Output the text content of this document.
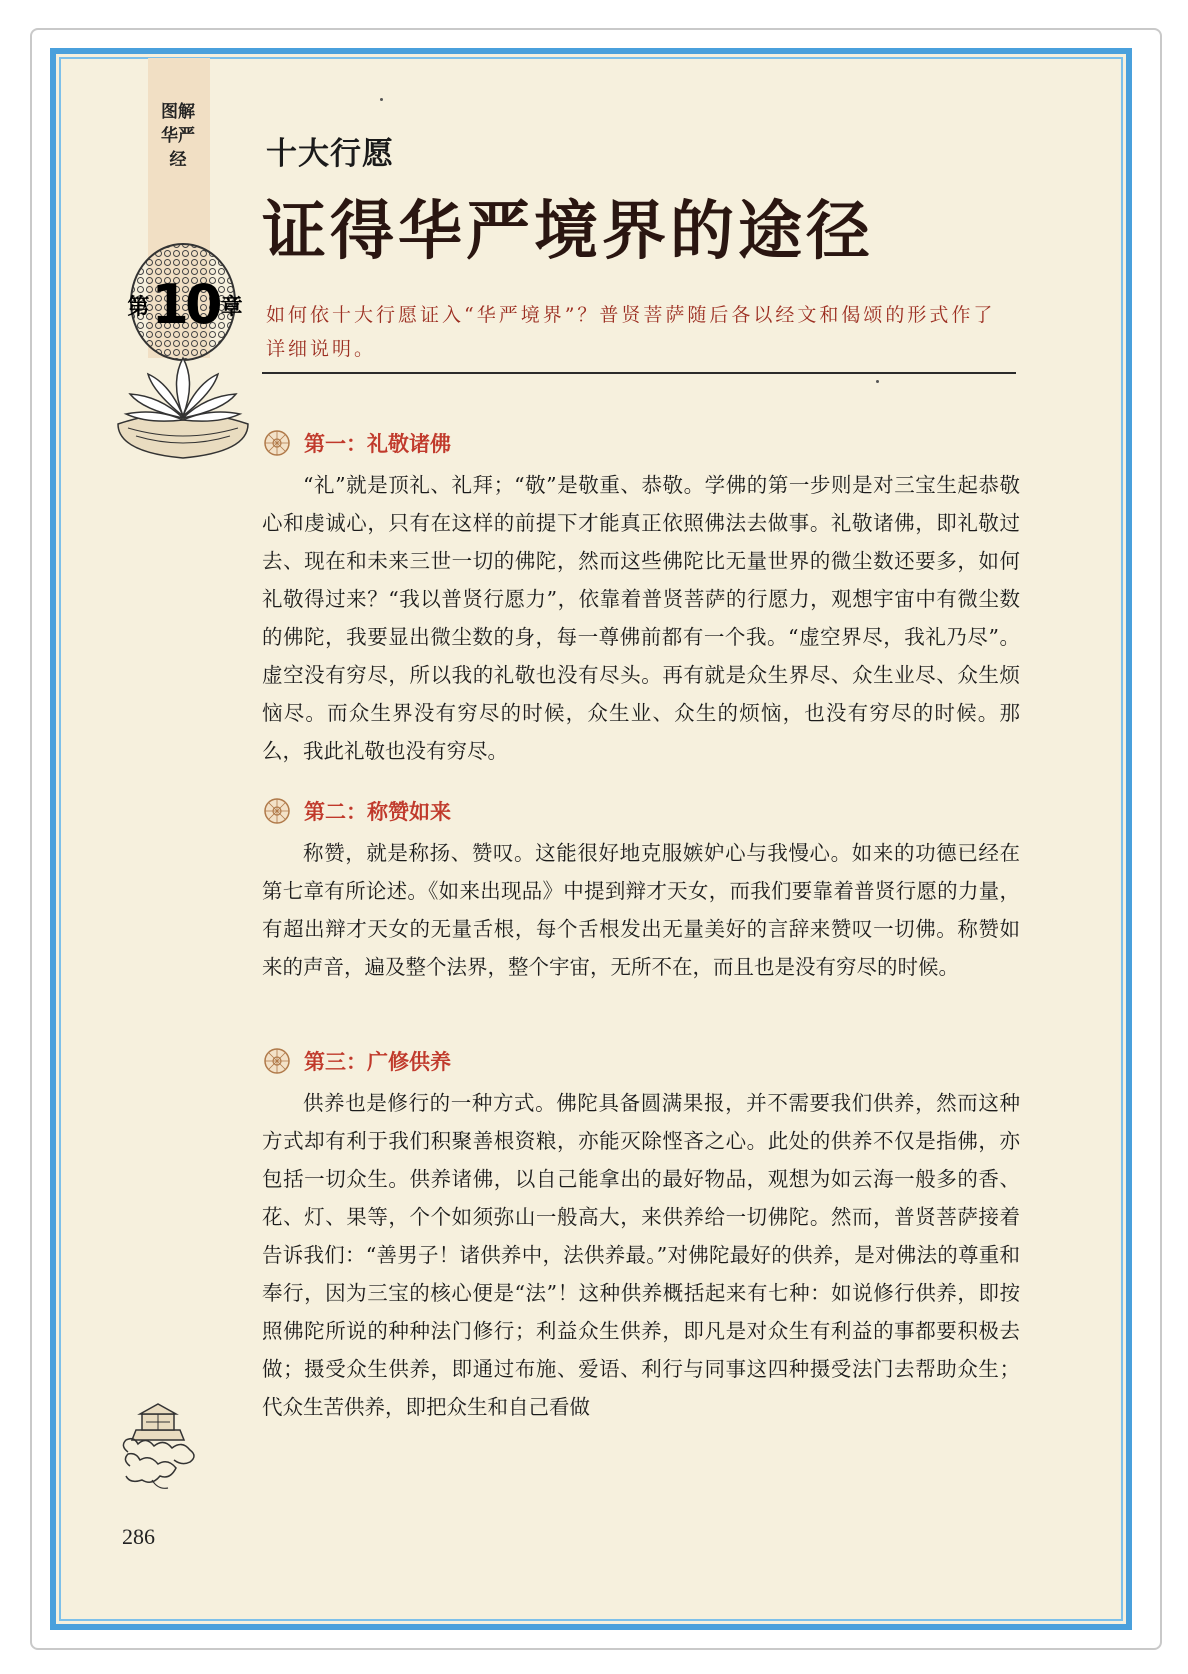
图解华严经
第 10 章
十大行愿
证得华严境界的途径
如何依十大行愿证入“华严境界”？普贤菩萨随后各以经文和偈颂的形式作了详细说明。
第一：礼敬诸佛
“礼”就是顶礼、礼拜；“敬”是敬重、恭敬。学佛的第一步则是对三宝生起恭敬心和虔诚心，只有在这样的前提下才能真正依照佛法去做事。礼敬诸佛，即礼敬过去、现在和未来三世一切的佛陀，然而这些佛陀比无量世界的微尘数还要多，如何礼敬得过来？“我以普贤行愿力”，依靠着普贤菩萨的行愿力，观想宇宙中有微尘数的佛陀，我要显出微尘数的身，每一尊佛前都有一个我。“虚空界尽，我礼乃尽”。虚空没有穷尽，所以我的礼敬也没有尽头。再有就是众生界尽、众生业尽、众生烦恼尽。而众生界没有穷尽的时候，众生业、众生的烦恼，也没有穷尽的时候。那么，我此礼敬也没有穷尽。
第二：称赞如来
称赞，就是称扬、赞叹。这能很好地克服嫉妒心与我慢心。如来的功德已经在第七章有所论述。《如来出现品》中提到辩才天女，而我们要靠着普贤行愿的力量，有超出辩才天女的无量舌根，每个舌根发出无量美好的言辞来赞叹一切佛。称赞如来的声音，遍及整个法界，整个宇宙，无所不在，而且也是没有穷尽的时候。
第三：广修供养
供养也是修行的一种方式。佛陀具备圆满果报，并不需要我们供养，然而这种方式却有利于我们积聚善根资粮，亦能灭除悭吝之心。此处的供养不仅是指佛，亦包括一切众生。供养诸佛，以自己能拿出的最好物品，观想为如云海一般多的香、花、灯、果等，个个如须弥山一般高大，来供养给一切佛陀。然而，普贤菩萨接着告诉我们：“善男子！诸供养中，法供养最。”对佛陀最好的供养，是对佛法的尊重和奉行，因为三宝的核心便是“法”！这种供养概括起来有七种：如说修行供养，即按照佛陀所说的种种法门修行；利益众生供养，即凡是对众生有利益的事都要积极去做；摄受众生供养，即通过布施、爱语、利行与同事这四种摄受法门去帮助众生；代众生苦供养，即把众生和自己看做
286
